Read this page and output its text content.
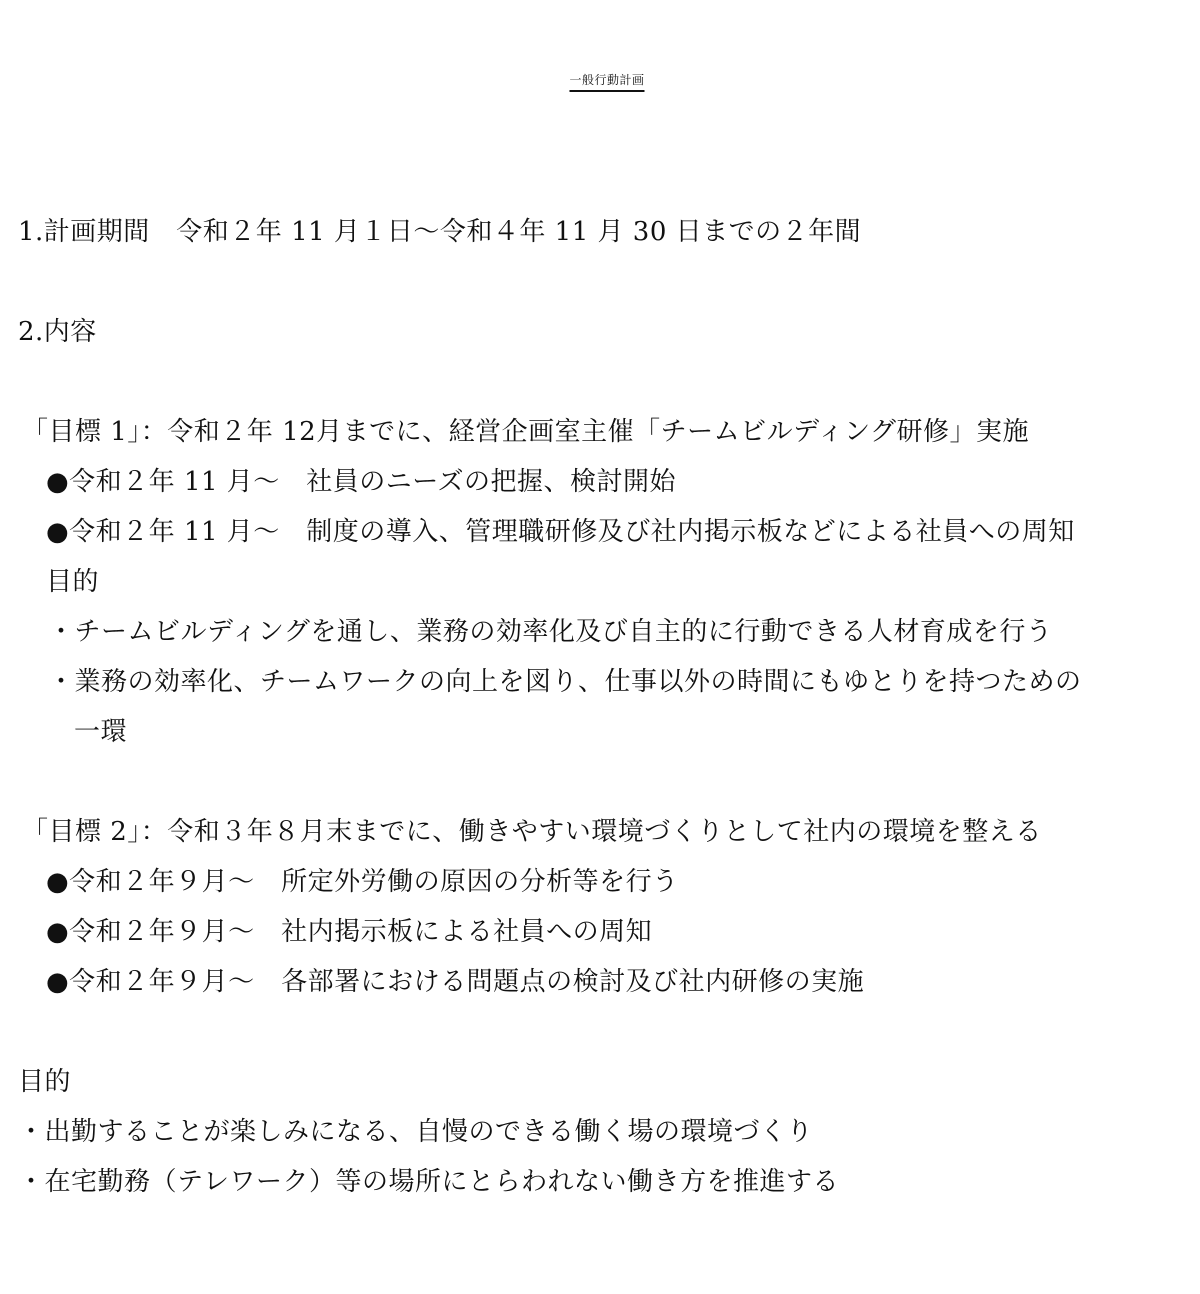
一般行動計画
1.計画期間　令和２年 11 月１日～令和４年 11 月 30 日までの２年間
2.内容
「目標 1」：令和２年 12月までに、経営企画室主催「チームビルディング研修」実施
●令和２年 11 月～　社員のニーズの把握、検討開始
●令和２年 11 月～　制度の導入、管理職研修及び社内掲示板などによる社員への周知
目的
・チームビルディングを通し、業務の効率化及び自主的に行動できる人材育成を行う
・業務の効率化、チームワークの向上を図り、仕事以外の時間にもゆとりを持つための
一環
「目標 2」：令和３年８月末までに、働きやすい環境づくりとして社内の環境を整える
●令和２年９月～　所定外労働の原因の分析等を行う
●令和２年９月～　社内掲示板による社員への周知
●令和２年９月～　各部署における問題点の検討及び社内研修の実施
目的
・出勤することが楽しみになる、自慢のできる働く場の環境づくり
・在宅勤務（テレワーク）等の場所にとらわれない働き方を推進する
